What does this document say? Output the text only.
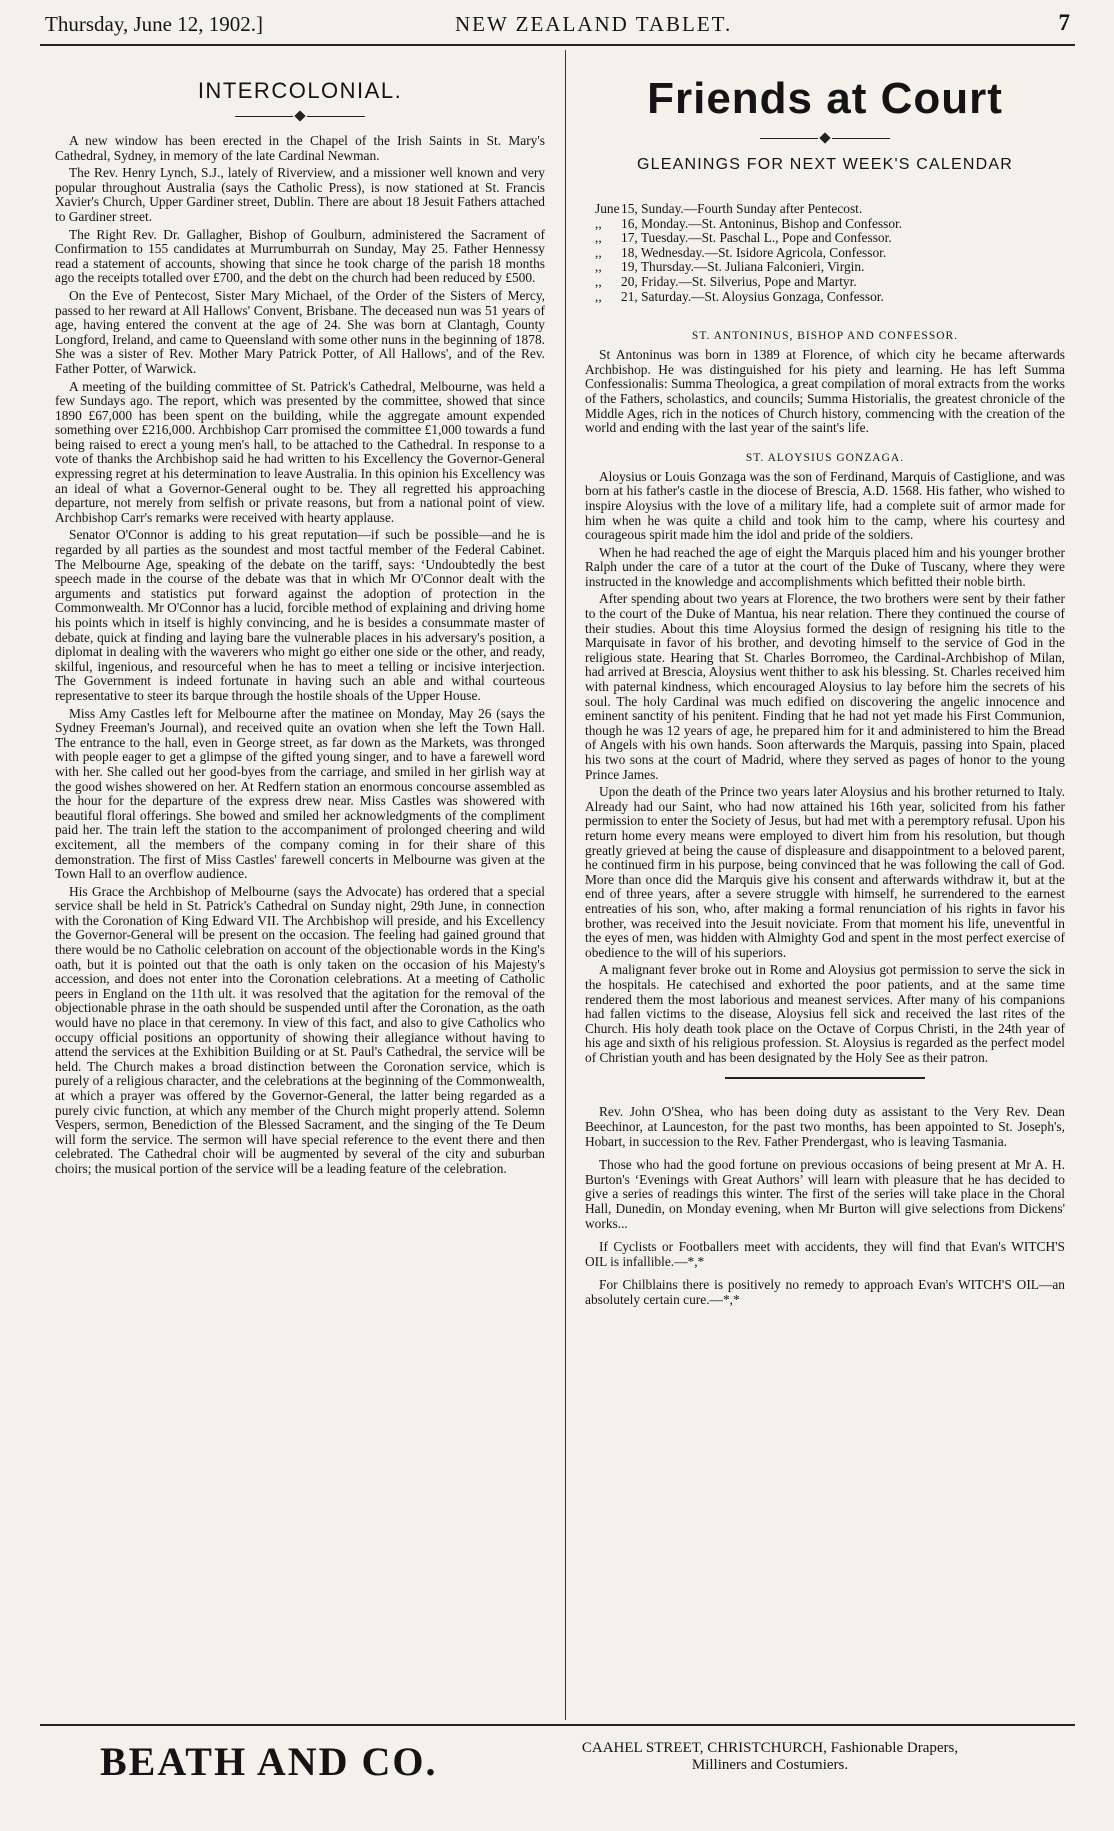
Thursday, June 12, 1902.]	NEW ZEALAND TABLET.	7
INTERCOLONIAL.

A new window has been erected in the Chapel of the Irish Saints in St. Mary's Cathedral, Sydney, in memory of the late Cardinal Newman.

The Rev. Henry Lynch, S.J., lately of Riverview, and a missioner well known and very popular throughout Australia (says the Catholic Press), is now stationed at St. Francis Xavier's Church, Upper Gardiner street, Dublin. There are about 18 Jesuit Fathers attached to Gardiner street.

The Right Rev. Dr. Gallagher, Bishop of Goulburn, administered the Sacrament of Confirmation to 155 candidates at Murrumburrah on Sunday, May 25. Father Hennessy read a statement of accounts, showing that since he took charge of the parish 18 months ago the receipts totalled over £700, and the debt on the church had been reduced by £500.

On the Eve of Pentecost, Sister Mary Michael, of the Order of the Sisters of Mercy, passed to her reward at All Hallows' Convent, Brisbane. The deceased nun was 51 years of age, having entered the convent at the age of 24. She was born at Clantagh, County Longford, Ireland, and came to Queensland with some other nuns in the beginning of 1878. She was a sister of Rev. Mother Mary Patrick Potter, of All Hallows', and of the Rev. Father Potter, of Warwick.

A meeting of the building committee of St. Patrick's Cathedral, Melbourne, was held a few Sundays ago. The report, which was presented by the committee, showed that since 1890 £67,000 has been spent on the building, while the aggregate amount expended something over £216,000. Archbishop Carr promised the committee £1,000 towards a fund being raised to erect a young men's hall, to be attached to the Cathedral. In response to a vote of thanks the Archbishop said he had written to his Excellency the Governor-General expressing regret at his determination to leave Australia. In this opinion his Excellency was an ideal of what a Governor-General ought to be. They all regretted his approaching departure, not merely from selfish or private reasons, but from a national point of view. Archbishop Carr's remarks were received with hearty applause.

Senator O'Connor is adding to his great reputation—if such be possible—and he is regarded by all parties as the soundest and most tactful member of the Federal Cabinet. The Melbourne Age, speaking of the debate on the tariff, says: ‘Undoubtedly the best speech made in the course of the debate was that in which Mr O'Connor dealt with the arguments and statistics put forward against the adoption of protection in the Commonwealth. Mr O'Connor has a lucid, forcible method of explaining and driving home his points which in itself is highly convincing, and he is besides a consummate master of debate, quick at finding and laying bare the vulnerable places in his adversary's position, a diplomat in dealing with the waverers who might go either one side or the other, and ready, skilful, ingenious, and resourceful when he has to meet a telling or incisive interjection. The Government is indeed fortunate in having such an able and withal courteous representative to steer its barque through the hostile shoals of the Upper House.

Miss Amy Castles left for Melbourne after the matinee on Monday, May 26 (says the Sydney Freeman's Journal), and received quite an ovation when she left the Town Hall. The entrance to the hall, even in George street, as far down as the Markets, was thronged with people eager to get a glimpse of the gifted young singer, and to have a farewell word with her. She called out her good-byes from the carriage, and smiled in her girlish way at the good wishes showered on her. At Redfern station an enormous concourse assembled as the hour for the departure of the express drew near. Miss Castles was showered with beautiful floral offerings. She bowed and smiled her acknowledgments of the compliment paid her. The train left the station to the accompaniment of prolonged cheering and wild excitement, all the members of the company coming in for their share of this demonstration. The first of Miss Castles' farewell concerts in Melbourne was given at the Town Hall to an overflow audience.

His Grace the Archbishop of Melbourne (says the Advocate) has ordered that a special service shall be held in St. Patrick's Cathedral on Sunday night, 29th June, in connection with the Coronation of King Edward VII. The Archbishop will preside, and his Excellency the Governor-General will be present on the occasion. The feeling had gained ground that there would be no Catholic celebration on account of the objectionable words in the King's oath, but it is pointed out that the oath is only taken on the occasion of his Majesty's accession, and does not enter into the Coronation celebrations. At a meeting of Catholic peers in England on the 11th ult. it was resolved that the agitation for the removal of the objectionable phrase in the oath should be suspended until after the Coronation, as the oath would have no place in that ceremony. In view of this fact, and also to give Catholics who occupy official positions an opportunity of showing their allegiance without having to attend the services at the Exhibition Building or at St. Paul's Cathedral, the service will be held. The Church makes a broad distinction between the Coronation service, which is purely of a religious character, and the celebrations at the beginning of the Commonwealth, at which a prayer was offered by the Governor-General, the latter being regarded as a purely civic function, at which any member of the Church might properly attend. Solemn Vespers, sermon, Benediction of the Blessed Sacrament, and the singing of the Te Deum will form the service. The sermon will have special reference to the event there and then celebrated. The Cathedral choir will be augmented by several of the city and suburban choirs; the musical portion of the service will be a leading feature of the celebration.

Friends at Court
GLEANINGS FOR NEXT WEEK'S CALENDAR
June 15, Sunday.—Fourth Sunday after Pentecost.
,,	16, Monday.—St. Antoninus, Bishop and Confessor.
,,	17, Tuesday.—St. Paschal L., Pope and Confessor.
,,	18, Wednesday.—St. Isidore Agricola, Confessor.
,,	19, Thursday.—St. Juliana Falconieri, Virgin.
,,	20, Friday.—St. Silverius, Pope and Martyr.
,,	21, Saturday.—St. Aloysius Gonzaga, Confessor.
ST. ANTONINUS, BISHOP AND CONFESSOR.

St Antoninus was born in 1389 at Florence, of which city he became afterwards Archbishop. He was distinguished for his piety and learning. He has left Summa Confessionalis: Summa Theologica, a great compilation of moral extracts from the works of the Fathers, scholastics, and councils; Summa Historialis, the greatest chronicle of the Middle Ages, rich in the notices of Church history, commencing with the creation of the world and ending with the last year of the saint's life.

ST. ALOYSIUS GONZAGA.

Aloysius or Louis Gonzaga was the son of Ferdinand, Marquis of Castiglione, and was born at his father's castle in the diocese of Brescia, A.D. 1568. His father, who wished to inspire Aloysius with the love of a military life, had a complete suit of armor made for him when he was quite a child and took him to the camp, where his courtesy and courageous spirit made him the idol and pride of the soldiers.

When he had reached the age of eight the Marquis placed him and his younger brother Ralph under the care of a tutor at the court of the Duke of Tuscany, where they were instructed in the knowledge and accomplishments which befitted their noble birth.

After spending about two years at Florence, the two brothers were sent by their father to the court of the Duke of Mantua, his near relation. There they continued the course of their studies. About this time Aloysius formed the design of resigning his title to the Marquisate in favor of his brother, and devoting himself to the service of God in the religious state. Hearing that St. Charles Borromeo, the Cardinal-Archbishop of Milan, had arrived at Brescia, Aloysius went thither to ask his blessing. St. Charles received him with paternal kindness, which encouraged Aloysius to lay before him the secrets of his soul. The holy Cardinal was much edified on discovering the angelic innocence and eminent sanctity of his penitent. Finding that he had not yet made his First Communion, though he was 12 years of age, he prepared him for it and administered to him the Bread of Angels with his own hands. Soon afterwards the Marquis, passing into Spain, placed his two sons at the court of Madrid, where they served as pages of honor to the young Prince James.

Upon the death of the Prince two years later Aloysius and his brother returned to Italy. Already had our Saint, who had now attained his 16th year, solicited from his father permission to enter the Society of Jesus, but had met with a peremptory refusal. Upon his return home every means were employed to divert him from his resolution, but though greatly grieved at being the cause of displeasure and disappointment to a beloved parent, he continued firm in his purpose, being convinced that he was following the call of God. More than once did the Marquis give his consent and afterwards withdraw it, but at the end of three years, after a severe struggle with himself, he surrendered to the earnest entreaties of his son, who, after making a formal renunciation of his rights in favor his brother, was received into the Jesuit noviciate. From that moment his life, uneventful in the eyes of men, was hidden with Almighty God and spent in the most perfect exercise of obedience to the will of his superiors.

A malignant fever broke out in Rome and Aloysius got permission to serve the sick in the hospitals. He catechised and exhorted the poor patients, and at the same time rendered them the most laborious and meanest services. After many of his companions had fallen victims to the disease, Aloysius fell sick and received the last rites of the Church. His holy death took place on the Octave of Corpus Christi, in the 24th year of his age and sixth of his religious profession. St. Aloysius is regarded as the perfect model of Christian youth and has been designated by the Holy See as their patron.

Rev. John O'Shea, who has been doing duty as assistant to the Very Rev. Dean Beechinor, at Launceston, for the past two months, has been appointed to St. Joseph's, Hobart, in succession to the Rev. Father Prendergast, who is leaving Tasmania.

Those who had the good fortune on previous occasions of being present at Mr A. H. Burton's ‘Evenings with Great Authors’ will learn with pleasure that he has decided to give a series of readings this winter. The first of the series will take place in the Choral Hall, Dunedin, on Monday evening, when Mr Burton will give selections from Dickens' works...

If Cyclists or Footballers meet with accidents, they will find that Evan's WITCH'S OIL is infallible.—*,*

For Chilblains there is positively no remedy to approach Evan's WITCH'S OIL—an absolutely certain cure.—*,*

BEATH AND CO.	CAAHEL STREET, CHRISTCHURCH, Fashionable Drapers,
Milliners and Costumiers.
